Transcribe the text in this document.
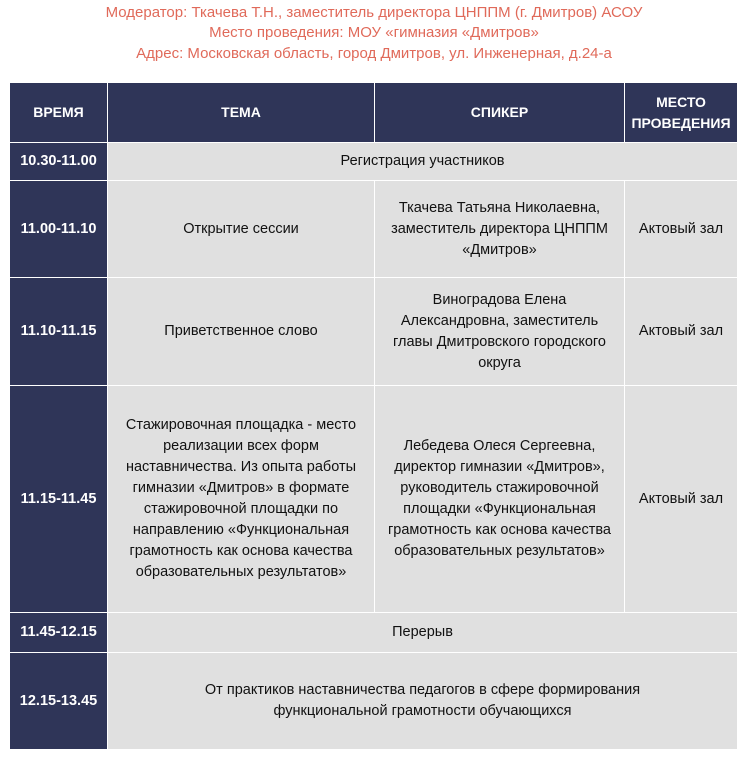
Модератор: Ткачева Т.Н., заместитель директора ЦНППМ (г. Дмитров) АСОУ
Место проведения: МОУ «гимназия «Дмитров»
Адрес: Московская область, город Дмитров, ул. Инженерная, д.24-а
ВРЕМЯ	ТЕМА	СПИКЕР	МЕСТО ПРОВЕДЕНИЯ
10.30-11.00	Регистрация участников		
11.00-11.10	Открытие сессии	Ткачева Татьяна Николаевна, заместитель директора ЦНППМ «Дмитров»	Актовый зал
11.10-11.15	Приветственное слово	Виноградова Елена Александровна, заместитель главы Дмитровского городского округа	Актовый зал
11.15-11.45	Стажировочная площадка - место реализации всех форм наставничества. Из опыта работы гимназии «Дмитров» в формате стажировочной площадки по направлению «Функциональная грамотность как основа качества образовательных результатов»	Лебедева Олеся Сергеевна, директор гимназии «Дмитров», руководитель стажировочной площадки «Функциональная грамотность как основа качества образовательных результатов»	Актовый зал
11.45-12.15	Перерыв		
12.15-13.45	От практиков наставничества педагогов в сфере формирования функциональной грамотности обучающихся		
